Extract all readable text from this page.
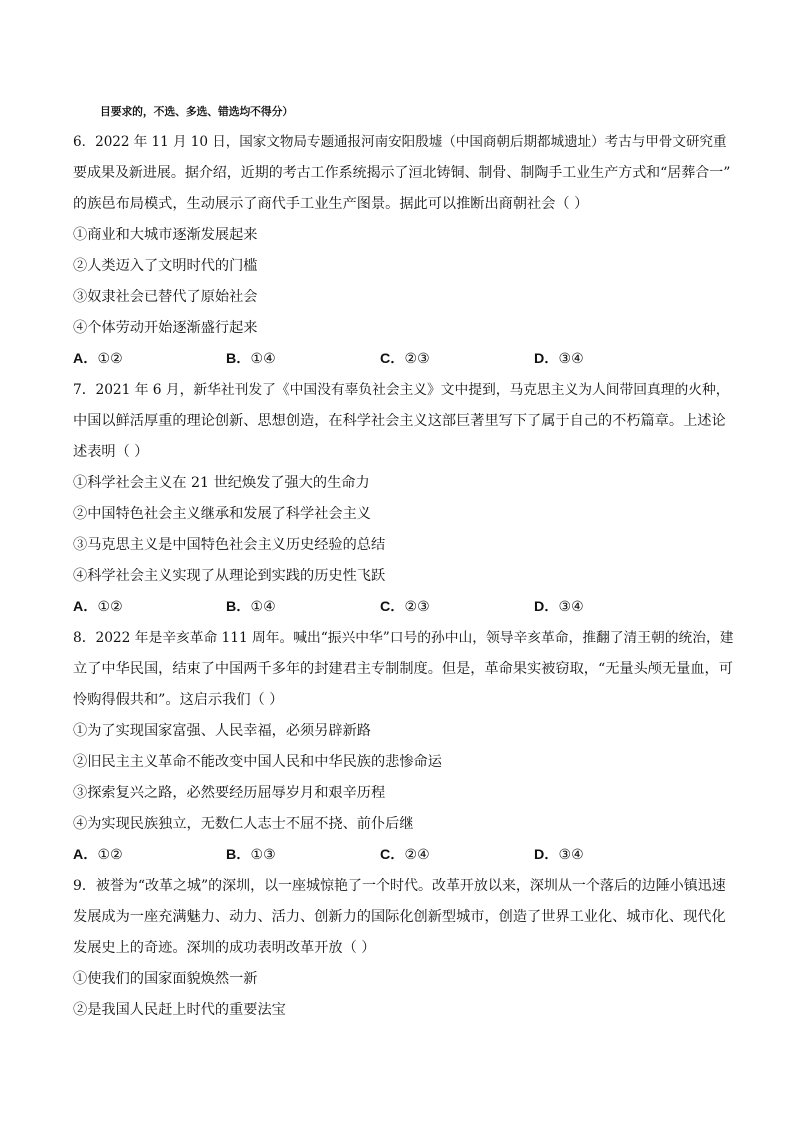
目要求的，不选、多选、错选均不得分）
6．2022 年 11 月 10 日，国家文物局专题通报河南安阳殷墟（中国商朝后期都城遗址）考古与甲骨文研究重
要成果及新进展。据介绍，近期的考古工作系统揭示了洹北铸铜、制骨、制陶手工业生产方式和“居葬合一”
的族邑布局模式，生动展示了商代手工业生产图景。据此可以推断出商朝社会（ ）
①商业和大城市逐渐发展起来
②人类迈入了文明时代的门槛
③奴隶社会已替代了原始社会
④个体劳动开始逐渐盛行起来
A．①②	B．①④	C．②③	D．③④
7．2021 年 6 月，新华社刊发了《中国没有辜负社会主义》文中提到，马克思主义为人间带回真理的火种，
中国以鲜活厚重的理论创新、思想创造，在科学社会主义这部巨著里写下了属于自己的不朽篇章。上述论
述表明（ ）
①科学社会主义在 21 世纪焕发了强大的生命力
②中国特色社会主义继承和发展了科学社会主义
③马克思主义是中国特色社会主义历史经验的总结
④科学社会主义实现了从理论到实践的历史性飞跃
A．①②	B．①④	C．②③	D．③④
8．2022 年是辛亥革命 111 周年。喊出“振兴中华”口号的孙中山，领导辛亥革命，推翻了清王朝的统治，建
立了中华民国，结束了中国两千多年的封建君主专制制度。但是，革命果实被窃取，“无量头颅无量血，可
怜购得假共和”。这启示我们（ ）
①为了实现国家富强、人民幸福，必须另辟新路
②旧民主主义革命不能改变中国人民和中华民族的悲惨命运
③探索复兴之路，必然要经历屈辱岁月和艰辛历程
④为实现民族独立，无数仁人志士不屈不挠、前仆后继
A．①②	B．①③	C．②④	D．③④
9．被誉为“改革之城”的深圳，以一座城惊艳了一个时代。改革开放以来，深圳从一个落后的边陲小镇迅速
发展成为一座充满魅力、动力、活力、创新力的国际化创新型城市，创造了世界工业化、城市化、现代化
发展史上的奇迹。深圳的成功表明改革开放（ ）
①使我们的国家面貌焕然一新
②是我国人民赶上时代的重要法宝
